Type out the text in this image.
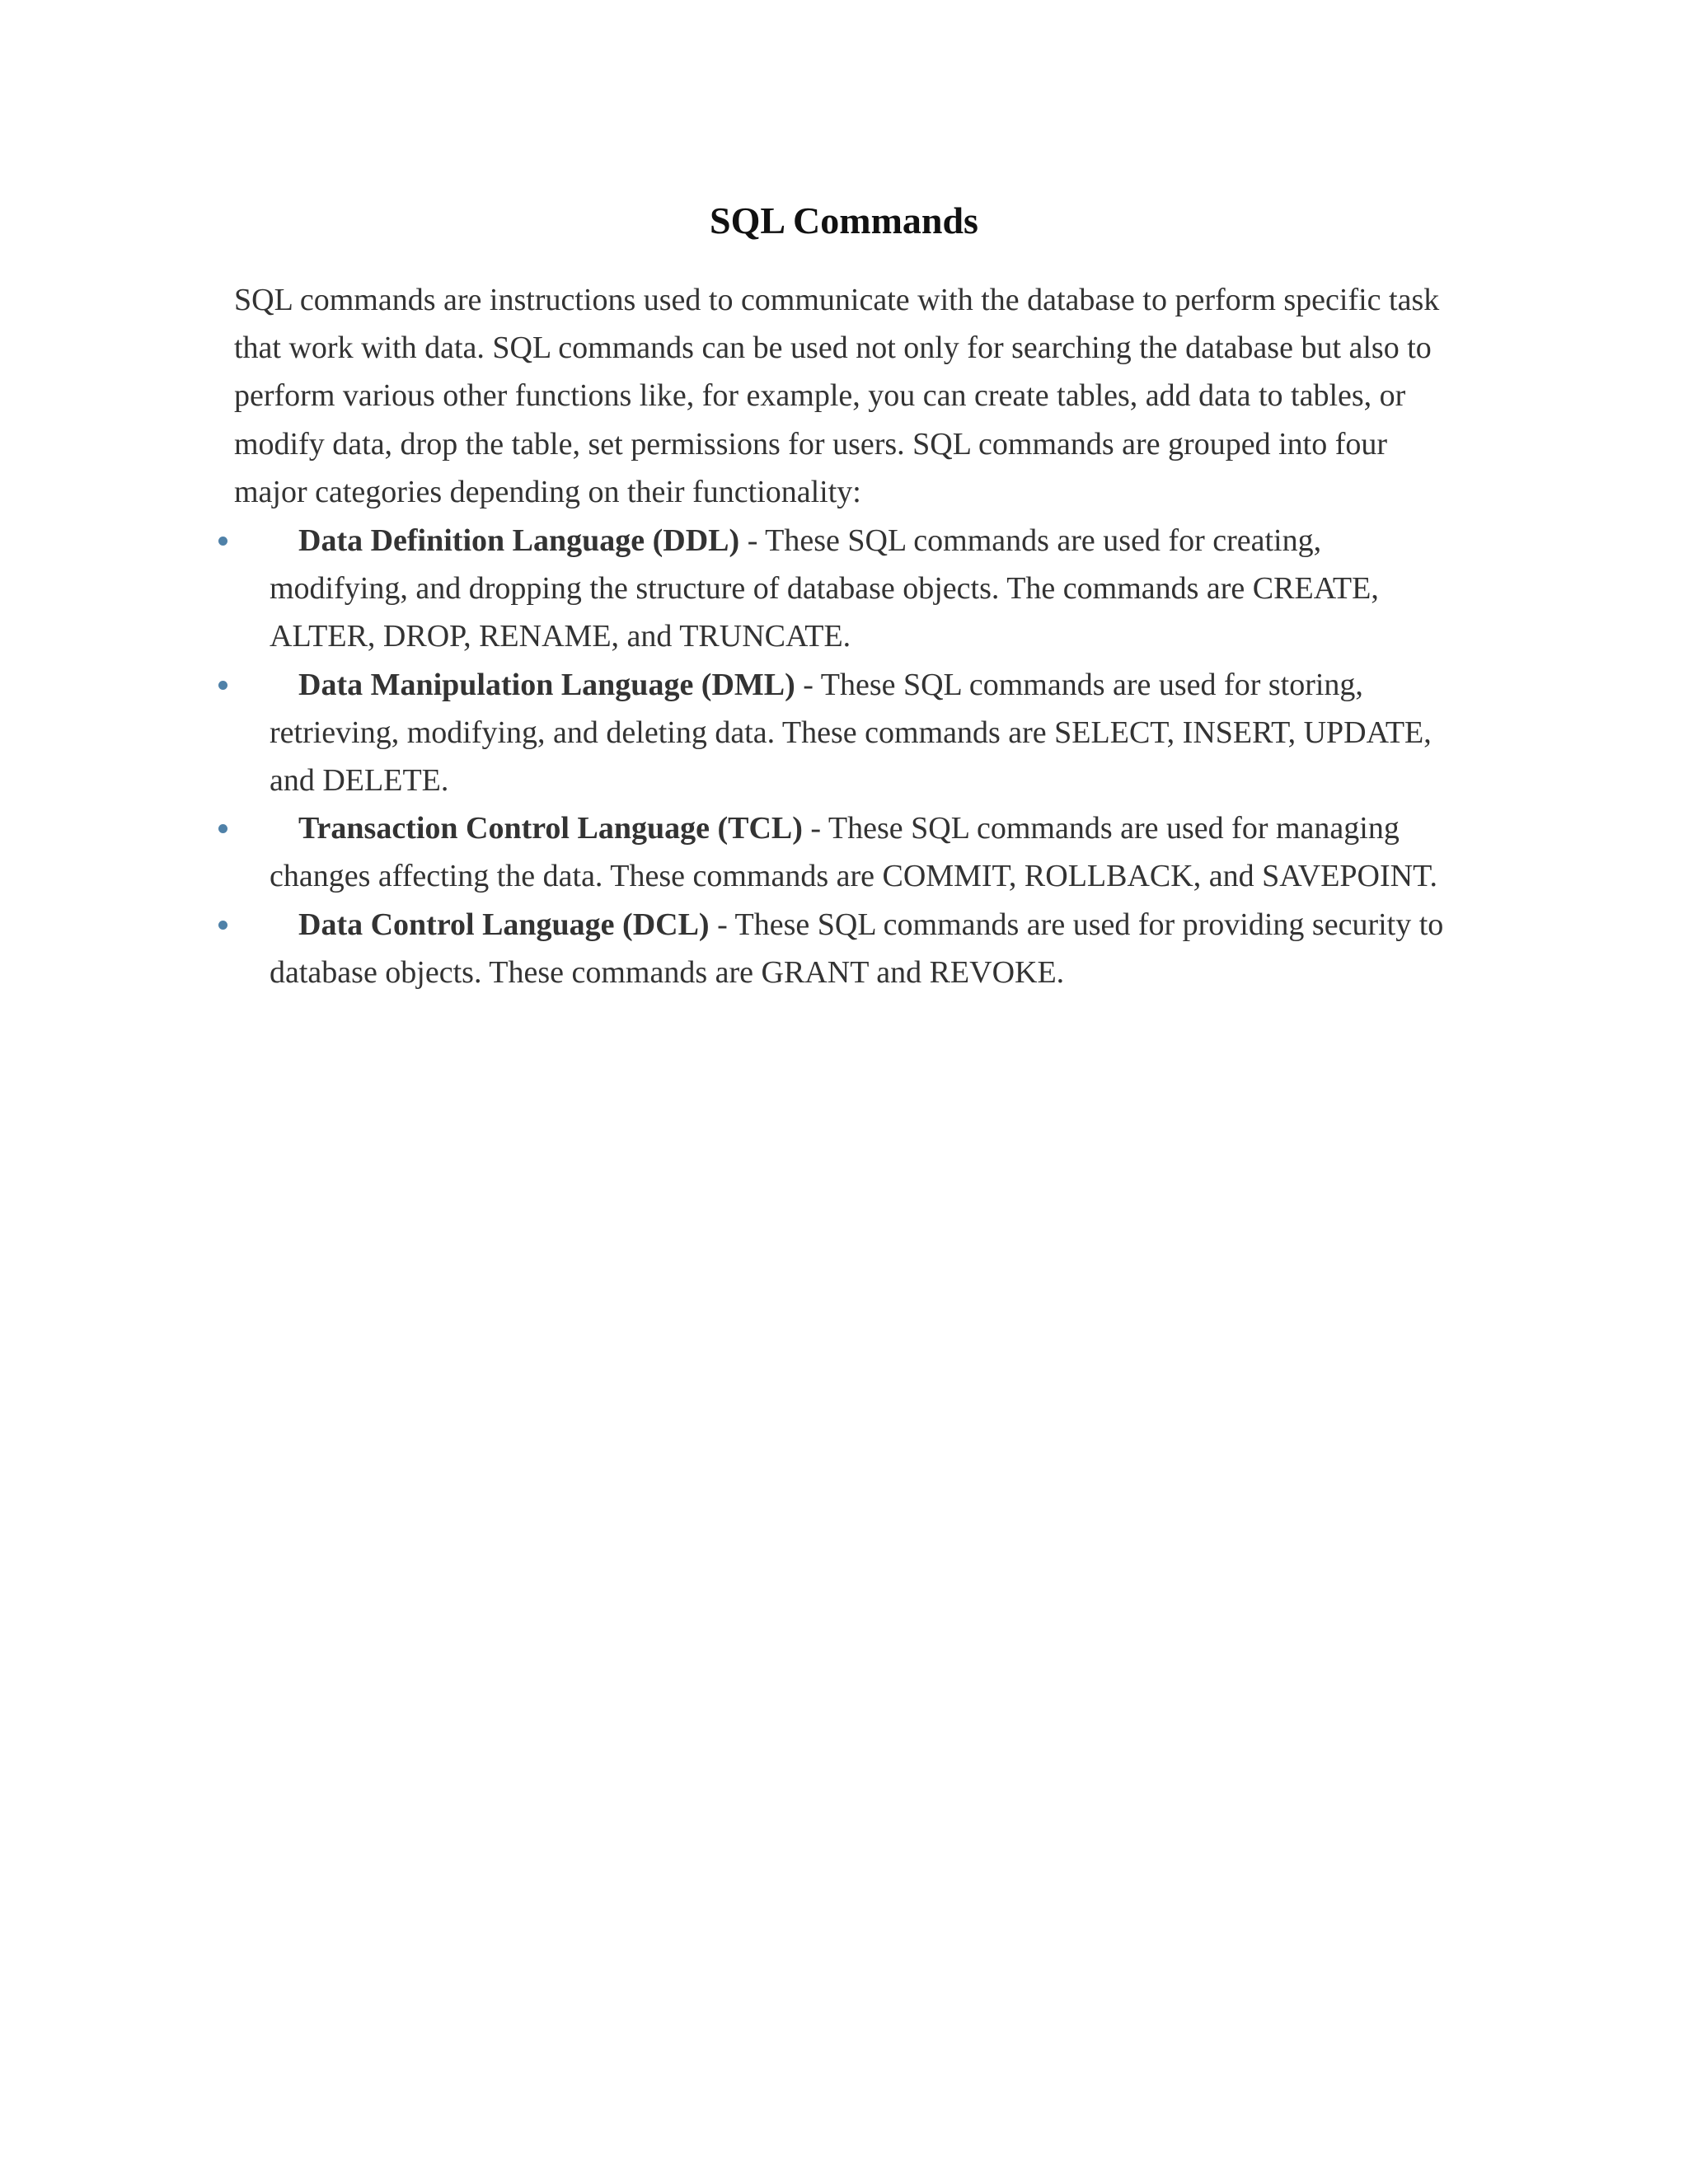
SQL Commands

SQL commands are instructions used to communicate with the database to perform specific task that work with data. SQL commands can be used not only for searching the database but also to perform various other functions like, for example, you can create tables, add data to tables, or modify data, drop the table, set permissions for users. SQL commands are grouped into four major categories depending on their functionality:

Data Definition Language (DDL) - These SQL commands are used for creating, modifying, and dropping the structure of database objects. The commands are CREATE, ALTER, DROP, RENAME, and TRUNCATE.
Data Manipulation Language (DML) - These SQL commands are used for storing, retrieving, modifying, and deleting data. These commands are SELECT, INSERT, UPDATE, and DELETE.
Transaction Control Language (TCL) - These SQL commands are used for managing changes affecting the data. These commands are COMMIT, ROLLBACK, and SAVEPOINT.
Data Control Language (DCL) - These SQL commands are used for providing security to database objects. These commands are GRANT and REVOKE.
